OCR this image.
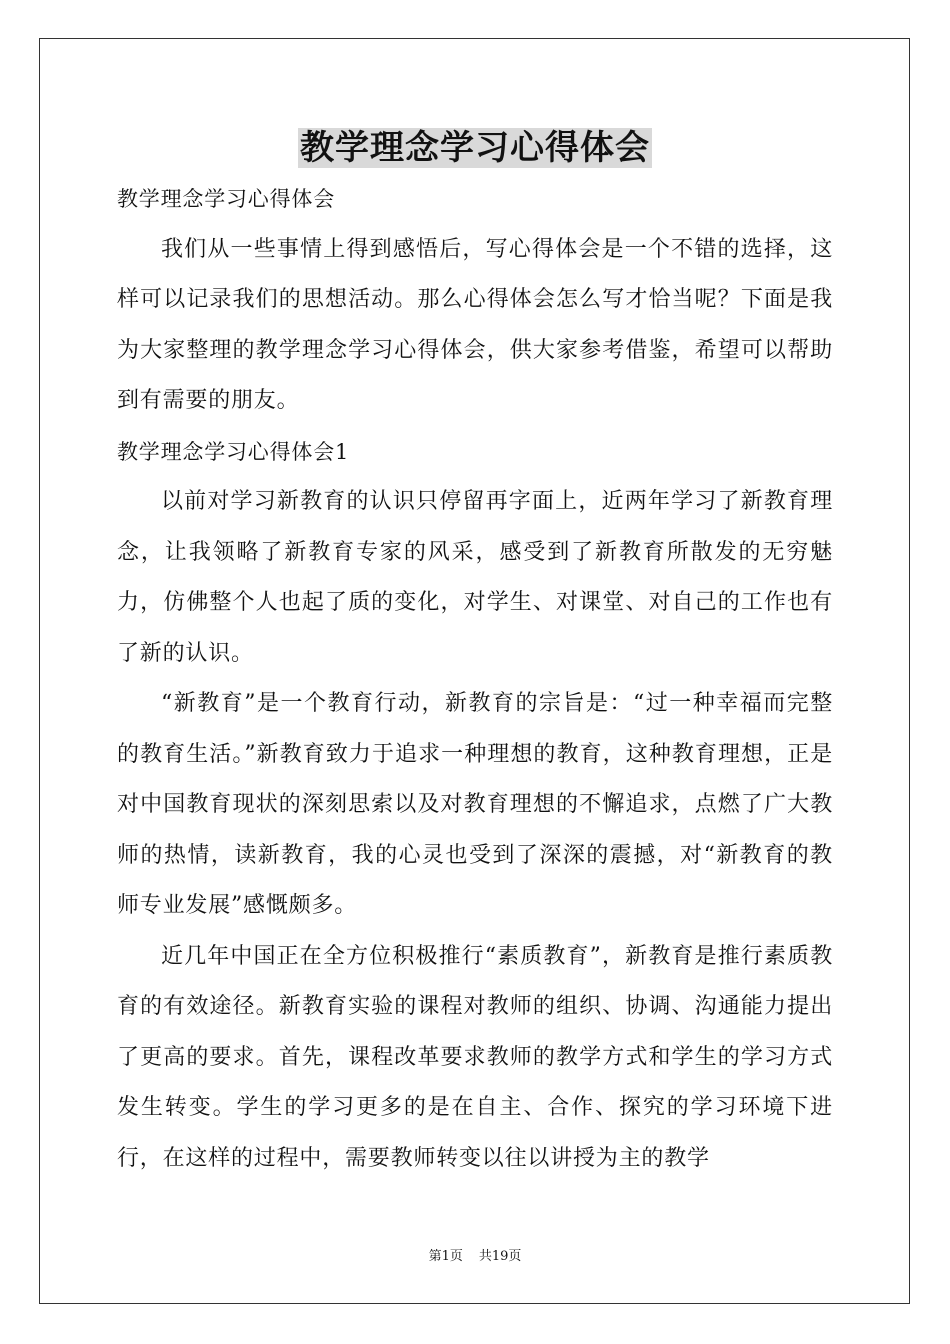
教学理念学习心得体会

教学理念学习心得体会

我们从一些事情上得到感悟后，写心得体会是一个不错的选择，这样可以记录我们的思想活动。那么心得体会怎么写才恰当呢？下面是我为大家整理的教学理念学习心得体会，供大家参考借鉴，希望可以帮助到有需要的朋友。

教学理念学习心得体会1

以前对学习新教育的认识只停留再字面上，近两年学习了新教育理念，让我领略了新教育专家的风采，感受到了新教育所散发的无穷魅力，仿佛整个人也起了质的变化，对学生、对课堂、对自己的工作也有了新的认识。

“新教育”是一个教育行动，新教育的宗旨是：“过一种幸福而完整的教育生活。”新教育致力于追求一种理想的教育，这种教育理想，正是对中国教育现状的深刻思索以及对教育理想的不懈追求，点燃了广大教师的热情，读新教育，我的心灵也受到了深深的震撼，对“新教育的教师专业发展”感慨颇多。

近几年中国正在全方位积极推行“素质教育”，新教育是推行素质教育的有效途径。新教育实验的课程对教师的组织、协调、沟通能力提出了更高的要求。首先，课程改革要求教师的教学方式和学生的学习方式发生转变。学生的学习更多的是在自主、合作、探究的学习环境下进行，在这样的过程中，需要教师转变以往以讲授为主的教学

第1页 共19页
